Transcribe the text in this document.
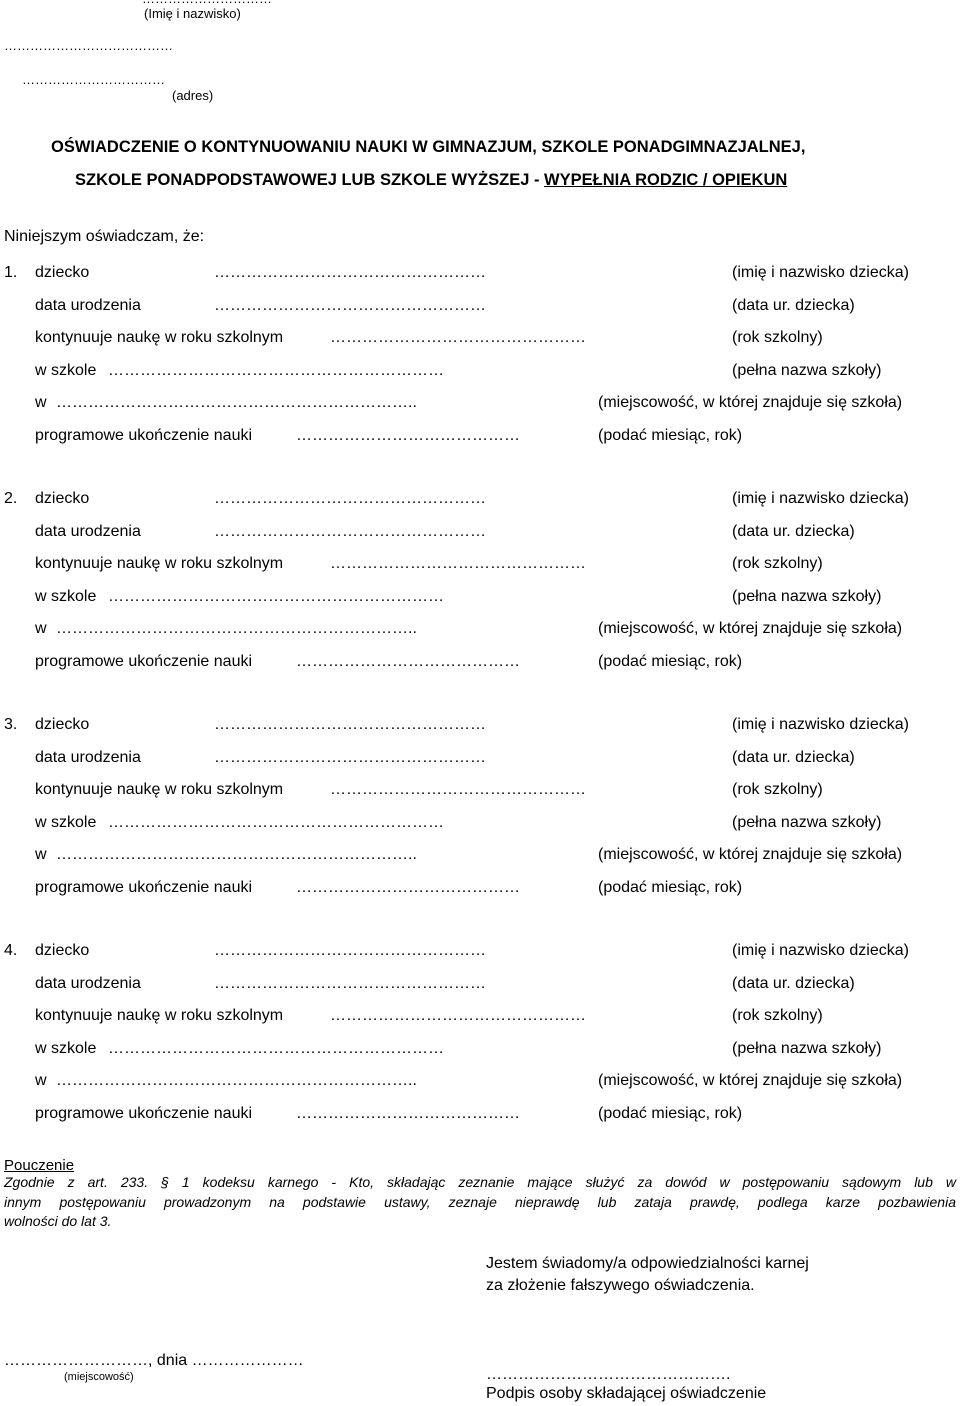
(Imię i nazwisko)
…………………………………
……………………………
(adres)
OŚWIADCZENIE O KONTYNUOWANIU NAUKI W GIMNAZJUM, SZKOLE PONADGIMNAZJALNEJ,
SZKOLE PONADPODSTAWOWEJ LUB SZKOLE WYŻSZEJ - WYPEŁNIA RODZIC / OPIEKUN
Niniejszym oświadczam, że:
1. dziecko	……………………………………………	(imię i nazwisko dziecka)
data urodzenia	……………………………………………	(data ur. dziecka)
kontynuuje naukę w roku szkolnym	…………………………………………	(rok szkolny)
w szkole ………………………………………………………	(pełna nazwa szkoły)
w …………………………………………………………..	(miejscowość, w której znajduje się szkoła)
programowe ukończenie nauki	……………………………………	(podać miesiąc, rok)
2. dziecko	……………………………………………	(imię i nazwisko dziecka)
data urodzenia	……………………………………………	(data ur. dziecka)
kontynuuje naukę w roku szkolnym	…………………………………………	(rok szkolny)
w szkole ………………………………………………………	(pełna nazwa szkoły)
w …………………………………………………………..	(miejscowość, w której znajduje się szkoła)
programowe ukończenie nauki	……………………………………	(podać miesiąc, rok)
3. dziecko	……………………………………………	(imię i nazwisko dziecka)
data urodzenia	……………………………………………	(data ur. dziecka)
kontynuuje naukę w roku szkolnym	…………………………………………	(rok szkolny)
w szkole ………………………………………………………	(pełna nazwa szkoły)
w …………………………………………………………..	(miejscowość, w której znajduje się szkoła)
programowe ukończenie nauki	……………………………………	(podać miesiąc, rok)
4. dziecko	……………………………………………	(imię i nazwisko dziecka)
data urodzenia	……………………………………………	(data ur. dziecka)
kontynuuje naukę w roku szkolnym	…………………………………………	(rok szkolny)
w szkole ………………………………………………………	(pełna nazwa szkoły)
w …………………………………………………………..	(miejscowość, w której znajduje się szkoła)
programowe ukończenie nauki	……………………………………	(podać miesiąc, rok)
Pouczenie
Zgodnie z art. 233. § 1 kodeksu karnego - Kto, składając zeznanie mające służyć za dowód w postępowaniu sądowym lub w
innym postępowaniu prowadzonym na podstawie ustawy, zeznaje nieprawdę lub zataja prawdę, podlega karze pozbawienia
wolności do lat 3.
Jestem świadomy/a odpowiedzialności karnej
za złożenie fałszywego oświadczenia.
………………………, dnia …………………
(miejscowość)	……………………………………….
Podpis osoby składającej oświadczenie
